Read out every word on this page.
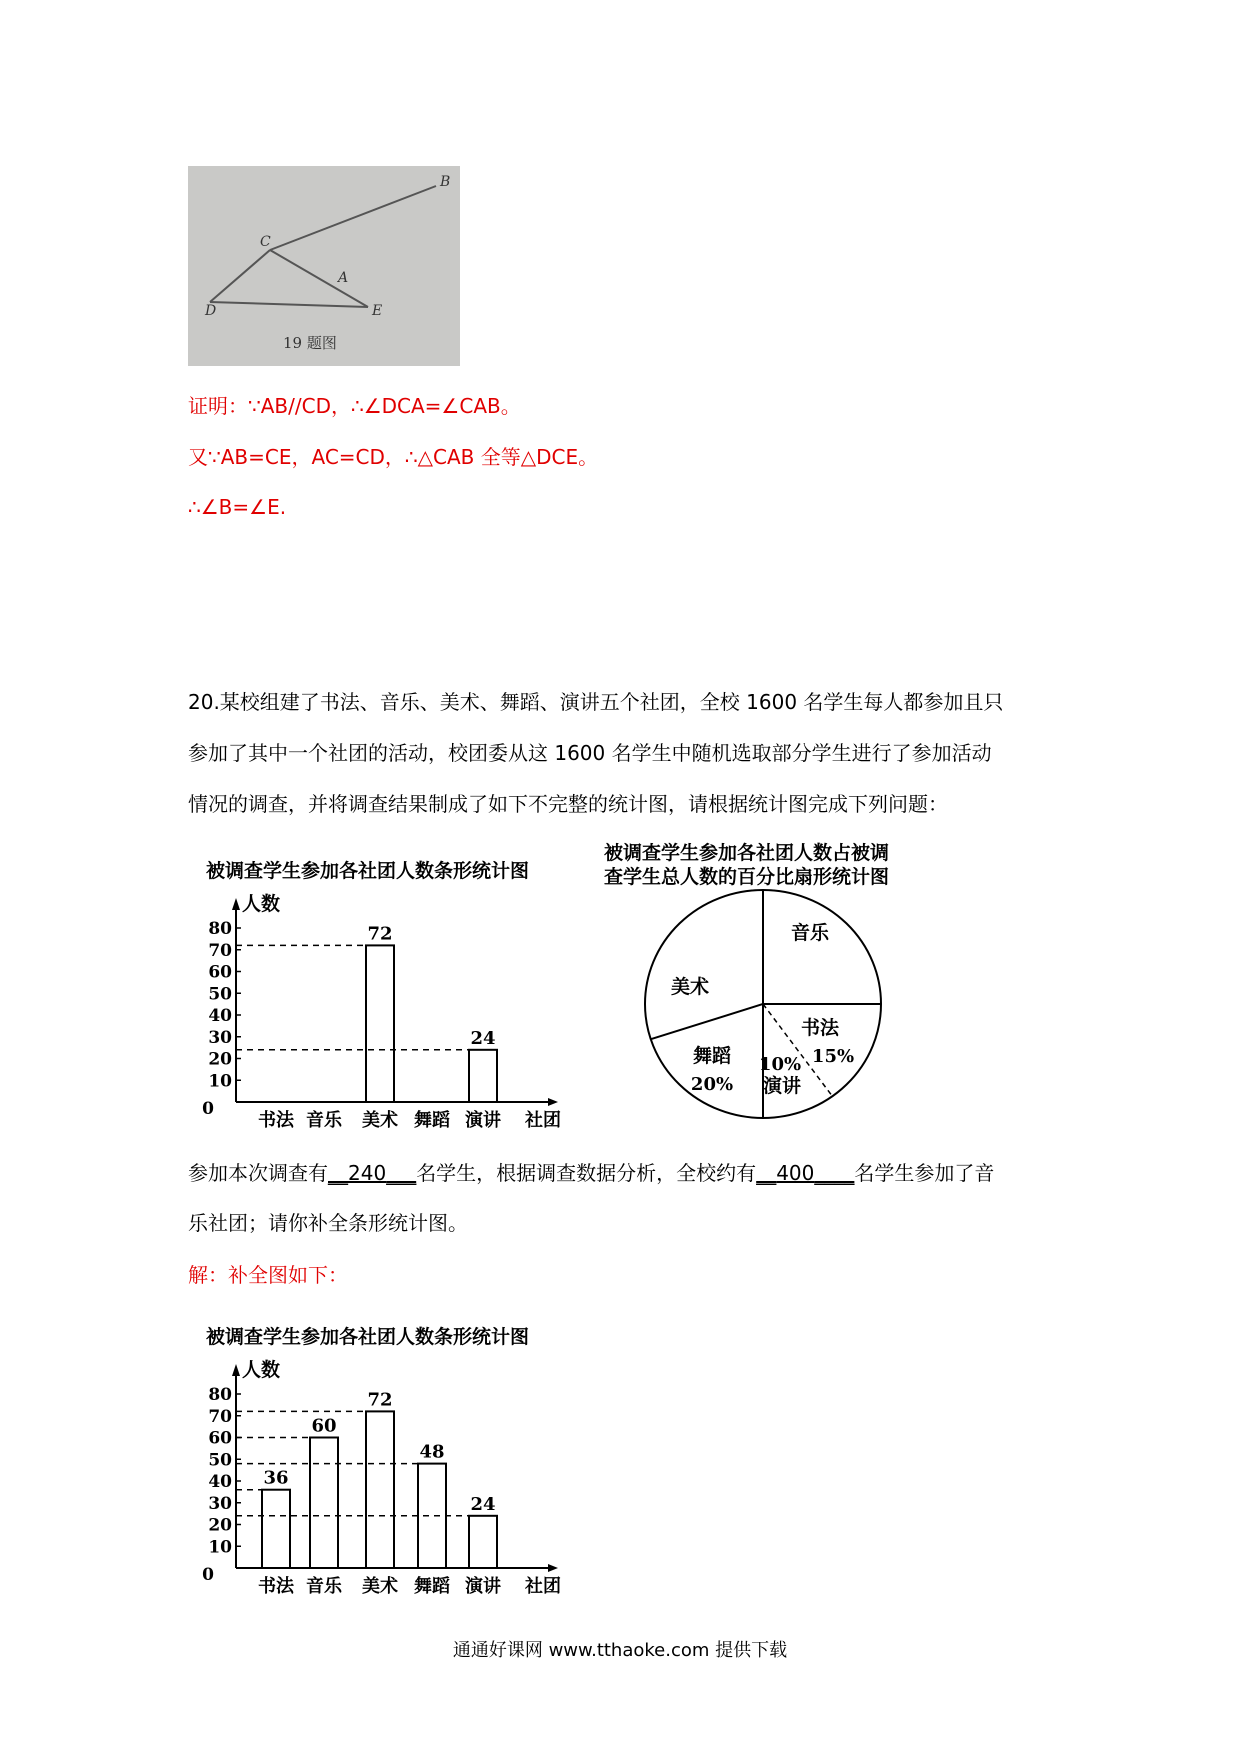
B
C
A
D	E
19 题图
证明：∵AB//CD，∴∠DCA=∠CAB。
又∵AB=CE，AC=CD，∴△CAB 全等△DCE。
∴∠B=∠E.
20.某校组建了书法、音乐、美术、舞蹈、演讲五个社团，全校 1600 名学生每人都参加且只
参加了其中一个社团的活动，校团委从这 1600 名学生中随机选取部分学生进行了参加活动
情况的调查，并将调查结果制成了如下不完整的统计图，请根据统计图完成下列问题：
被调查学生参加各社团人数条形统计图
人数
0
10
20
30
40
50
60
70
80
书法 音乐 美术
72
舞蹈 演讲
24
社团
被调查学生参加各社团人数占被调
查学生总人数的百分比扇形统计图
音乐
书法
15%
演讲
10%
舞蹈
20%
美术
参加本次调查有__240___名学生，根据调查数据分析，全校约有__400____名学生参加了音
乐社团；请你补全条形统计图。
解：补全图如下：
被调查学生参加各社团人数条形统计图
人数
0
10
20
30
40
50
60
70
80
书法
36
音乐
60
美术
72
舞蹈
48
演讲
24
社团
通通好课网 www.tthaoke.com 提供下载
